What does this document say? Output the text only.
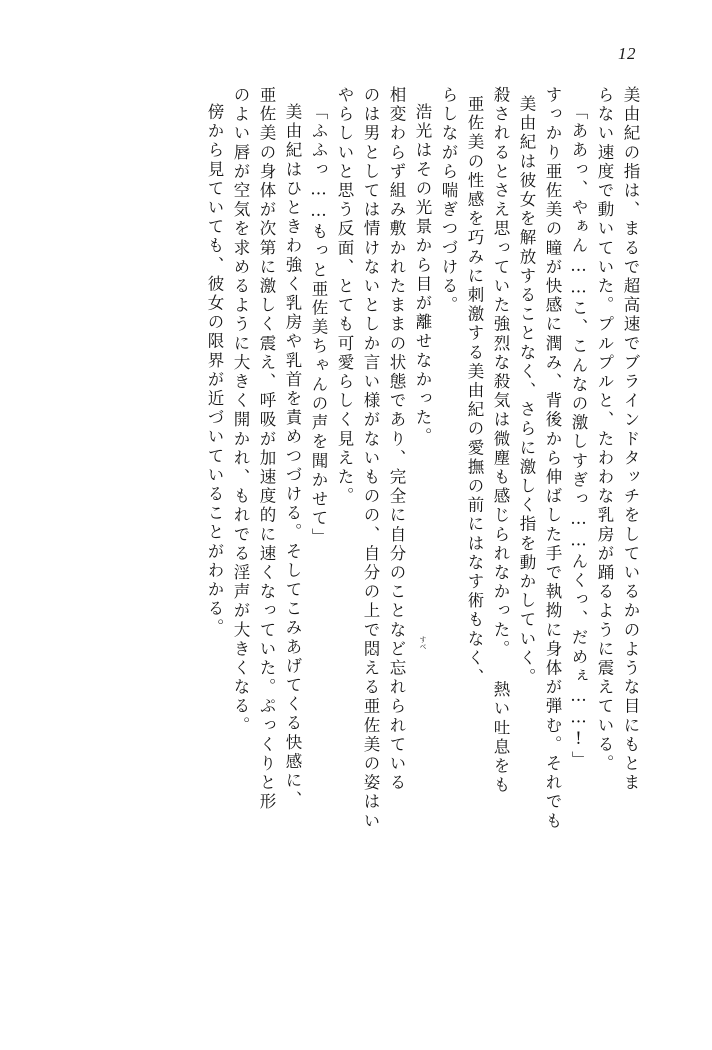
12
美由紀の指は、まるで超高速でブラインドタッチをしているかのような目にもとま
らない速度で動いていた。プルプルと、たわわな乳房が踊るように震えている。
「ああっ、やぁん……こ、こんなの激しすぎっ……んくっ、だめぇ……!」
すっかり亜佐美の瞳が快感に潤み、背後から伸ばした手で執拗に身体が弾む。それでも
美由紀は彼女を解放することなく、さらに激しく指を動かしていく。
殺されるとさえ思っていた強烈な殺気は微塵も感じられなかった。 熱い吐息をも
亜佐美の性感を巧みに刺激する美由紀の愛撫の前にはなす術もなく、
らしながら喘ぎつづける。
浩光はその光景から目が離せなかった。
相変わらず組み敷かれたままの状態であり、完全に自分のことなど忘れられている
のは男としては情けないとしか言い様がないものの、自分の上で悶える亜佐美の姿はい
やらしいと思う反面、とても可愛らしく見えた。
「ふふっ……もっと亜佐美ちゃんの声を聞かせて」
美由紀はひときわ強く乳房や乳首を責めつづける。そしてこみあげてくる快感に、
亜佐美の身体が次第に激しく震え、呼吸が加速度的に速くなっていた。ぷっくりと形
のよい唇が空気を求めるように大きく開かれ、もれでる淫声が大きくなる。
傍から見ていても、彼女の限界が近づいていることがわかる。
すべ
